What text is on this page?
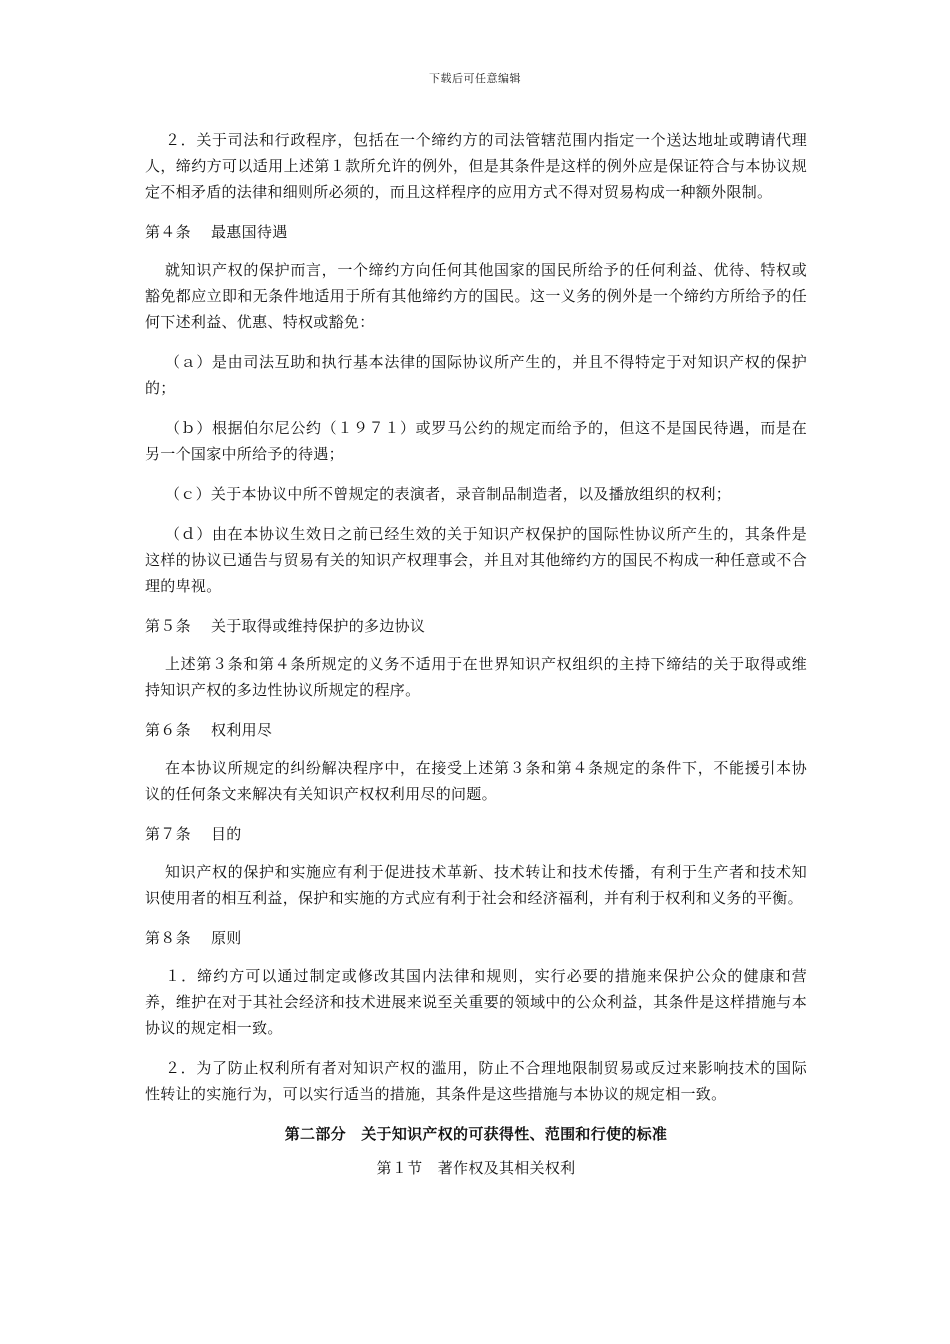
下载后可任意编辑

２．关于司法和行政程序，包括在一个缔约方的司法管辖范围内指定一个送达地址或聘请代理人，缔约方可以适用上述第１款所允许的例外，但是其条件是这样的例外应是保证符合与本协议规定不相矛盾的法律和细则所必须的，而且这样程序的应用方式不得对贸易构成一种额外限制。

第４条 最惠国待遇

就知识产权的保护而言，一个缔约方向任何其他国家的国民所给予的任何利益、优待、特权或豁免都应立即和无条件地适用于所有其他缔约方的国民。这一义务的例外是一个缔约方所给予的任何下述利益、优惠、特权或豁免：

（ａ）是由司法互助和执行基本法律的国际协议所产生的，并且不得特定于对知识产权的保护的；

（ｂ）根据伯尔尼公约（１９７１）或罗马公约的规定而给予的，但这不是国民待遇，而是在另一个国家中所给予的待遇；

（ｃ）关于本协议中所不曾规定的表演者，录音制品制造者，以及播放组织的权利；

（ｄ）由在本协议生效日之前已经生效的关于知识产权保护的国际性协议所产生的，其条件是这样的协议已通告与贸易有关的知识产权理事会，并且对其他缔约方的国民不构成一种任意或不合理的卑视。

第５条 关于取得或维持保护的多边协议

上述第３条和第４条所规定的义务不适用于在世界知识产权组织的主持下缔结的关于取得或维持知识产权的多边性协议所规定的程序。

第６条 权利用尽

在本协议所规定的纠纷解决程序中，在接受上述第３条和第４条规定的条件下，不能援引本协议的任何条文来解决有关知识产权权利用尽的问题。

第７条 目的

知识产权的保护和实施应有利于促进技术革新、技术转让和技术传播，有利于生产者和技术知识使用者的相互利益，保护和实施的方式应有利于社会和经济福利，并有利于权利和义务的平衡。

第８条 原则

１．缔约方可以通过制定或修改其国内法律和规则，实行必要的措施来保护公众的健康和营养，维护在对于其社会经济和技术进展来说至关重要的领域中的公众利益，其条件是这样措施与本协议的规定相一致。

２．为了防止权利所有者对知识产权的滥用，防止不合理地限制贸易或反过来影响技术的国际性转让的实施行为，可以实行适当的措施，其条件是这些措施与本协议的规定相一致。

第二部分　关于知识产权的可获得性、范围和行使的标准
第１节　著作权及其相关权利
